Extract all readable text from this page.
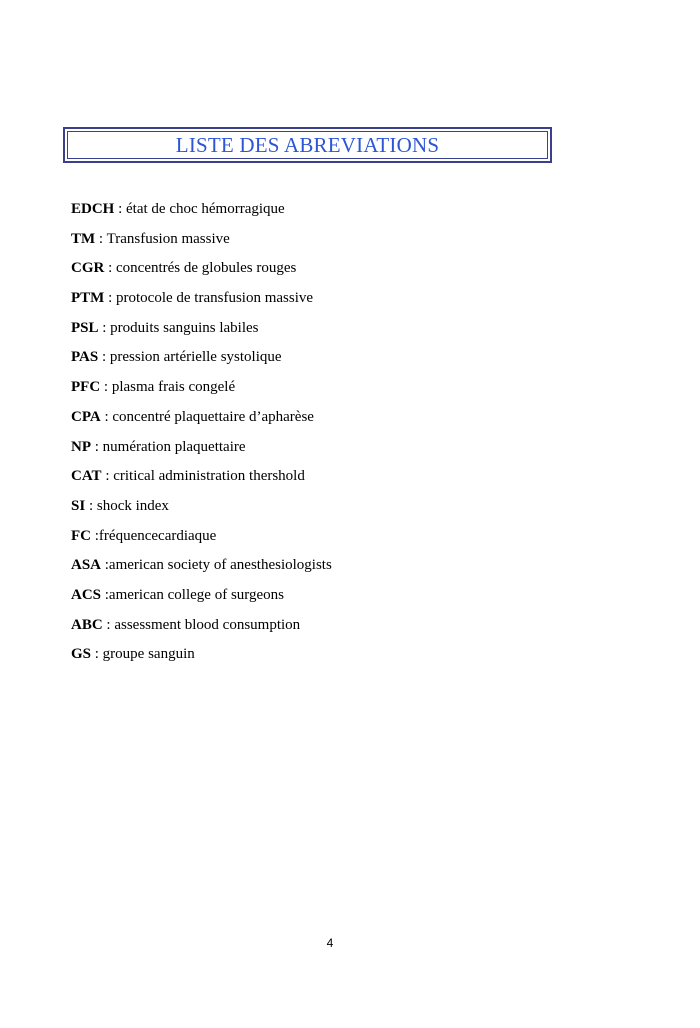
LISTE DES ABREVIATIONS
EDCH : état de choc hémorragique
TM : Transfusion massive
CGR : concentrés de globules rouges
PTM : protocole de transfusion massive
PSL : produits sanguins labiles
PAS : pression artérielle systolique
PFC : plasma frais congelé
CPA : concentré plaquettaire d’apharèse
NP : numération plaquettaire
CAT : critical administration thershold
SI : shock index
FC :fréquencecardiaque
ASA :american society of anesthesiologists
ACS :american college of surgeons
ABC : assessment blood consumption
GS : groupe sanguin
4
